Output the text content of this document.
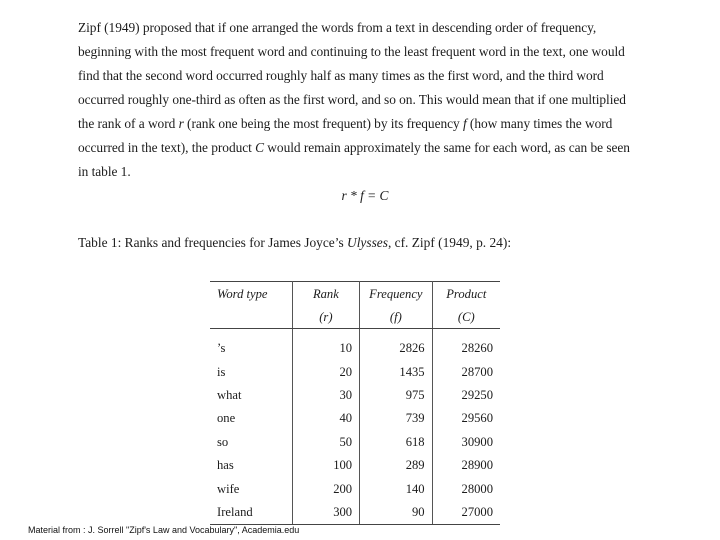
Zipf (1949) proposed that if one arranged the words from a text in descending order of frequency,
beginning with the most frequent word and continuing to the least frequent word in the text, one would
find that the second word occurred roughly half as many times as the first word, and the third word
occurred roughly one-third as often as the first word, and so on. This would mean that if one multiplied
the rank of a word r (rank one being the most frequent) by its frequency f (how many times the word
occurred in the text), the product C would remain approximately the same for each word, as can be seen
in table 1.

r * f = C
Table 1: Ranks and frequencies for James Joyce’s Ulysses, cf. Zipf (1949, p. 24):
Word type	Rank	Frequency	Product
	(r)	(f)	(C)
’s	10	2826	28260
is	20	1435	28700
what	30	975	29250
one	40	739	29560
so	50	618	30900
has	100	289	28900
wife	200	140	28000
Ireland	300	90	27000
Material from : J. Sorrell "Zipf's Law and Vocabulary", Academia.edu
